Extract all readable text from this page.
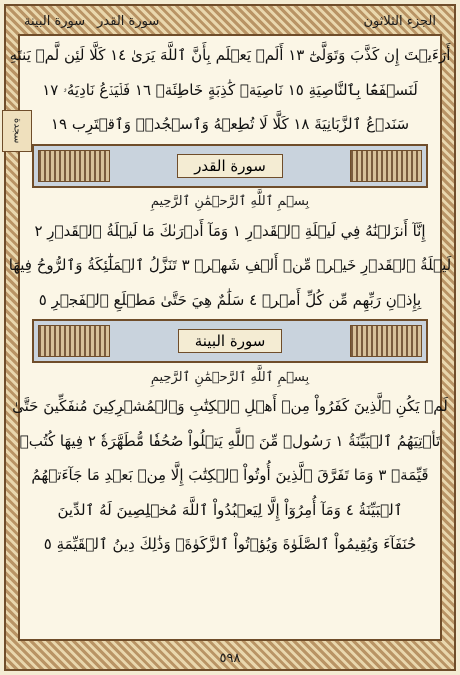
الجزء الثلاثون
سورة القدر
سورة البينة
سجدة
أَرَءَيۡتَ إِن كَذَّبَ وَتَوَلَّىٰٓ ١٣ أَلَمۡ يَعۡلَم بِأَنَّ ٱللَّهَ يَرَىٰ ١٤ كَلَّا لَئِن لَّمۡ يَنتَهِ
لَنَسۡفَعَۢا بِٱلنَّاصِيَةِ ١٥ نَاصِيَةٖ كَٰذِبَةٍ خَاطِئَةٖ ١٦ فَلۡيَدۡعُ نَادِيَهُۥ ١٧
سَنَدۡعُ ٱلزَّبَانِيَةَ ١٨ كَلَّا لَا تُطِعۡهُ وَٱسۡجُدۡۤ وَٱقۡتَرِب ١٩
سورة القدر
بِسۡمِ ٱللَّهِ ٱلرَّحۡمَٰنِ ٱلرَّحِيمِ
إِنَّآ أَنزَلۡنَٰهُ فِي لَيۡلَةِ ٱلۡقَدۡرِ ١ وَمَآ أَدۡرَىٰكَ مَا لَيۡلَةُ ٱلۡقَدۡرِ ٢
لَيۡلَةُ ٱلۡقَدۡرِ خَيۡرٞ مِّنۡ أَلۡفِ شَهۡرٖ ٣ تَنَزَّلُ ٱلۡمَلَٰٓئِكَةُ وَٱلرُّوحُ فِيهَا
بِإِذۡنِ رَبِّهِم مِّن كُلِّ أَمۡرٖ ٤ سَلَٰمٌ هِيَ حَتَّىٰ مَطۡلَعِ ٱلۡفَجۡرِ ٥
سورة البينة
بِسۡمِ ٱللَّهِ ٱلرَّحۡمَٰنِ ٱلرَّحِيمِ
لَمۡ يَكُنِ ٱلَّذِينَ كَفَرُواْ مِنۡ أَهۡلِ ٱلۡكِتَٰبِ وَٱلۡمُشۡرِكِينَ مُنفَكِّينَ حَتَّىٰ
تَأۡتِيَهُمُ ٱلۡبَيِّنَةُ ١ رَسُولٞ مِّنَ ٱللَّهِ يَتۡلُواْ صُحُفٗا مُّطَهَّرَةٗ ٢ فِيهَا كُتُبٞ
قَيِّمَةٞ ٣ وَمَا تَفَرَّقَ ٱلَّذِينَ أُوتُواْ ٱلۡكِتَٰبَ إِلَّا مِنۢ بَعۡدِ مَا جَآءَتۡهُمُ
ٱلۡبَيِّنَةُ ٤ وَمَآ أُمِرُوٓاْ إِلَّا لِيَعۡبُدُواْ ٱللَّهَ مُخۡلِصِينَ لَهُ ٱلدِّينَ
حُنَفَآءَ وَيُقِيمُواْ ٱلصَّلَوٰةَ وَيُؤۡتُواْ ٱلزَّكَوٰةَۚ وَذَٰلِكَ دِينُ ٱلۡقَيِّمَةِ ٥
٥٩٨
